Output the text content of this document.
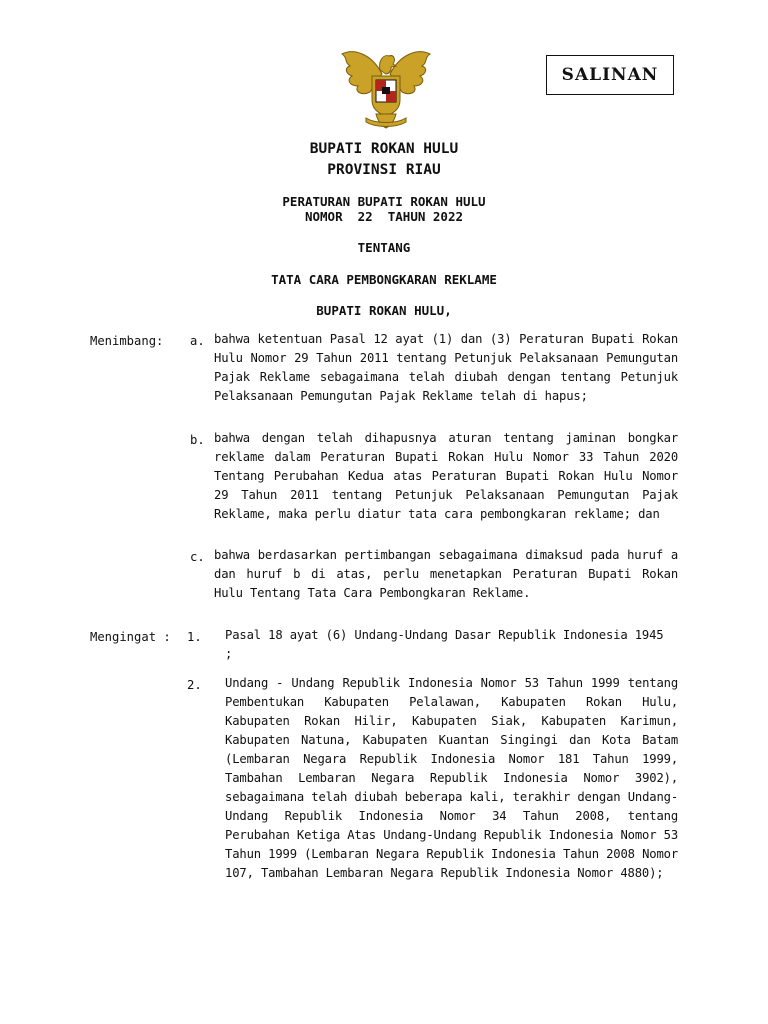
SALINAN
BUPATI ROKAN HULU
PROVINSI RIAU
PERATURAN BUPATI ROKAN HULU
NOMOR  22  TAHUN 2022
TENTANG
TATA CARA PEMBONGKARAN REKLAME
BUPATI ROKAN HULU,
Menimbang: a. bahwa ketentuan Pasal 12 ayat (1) dan (3) Peraturan Bupati Rokan Hulu Nomor 29 Tahun 2011 tentang Petunjuk Pelaksanaan Pemungutan Pajak Reklame sebagaimana telah diubah dengan tentang Petunjuk Pelaksanaan Pemungutan Pajak Reklame telah di hapus;
b. bahwa dengan telah dihapusnya aturan tentang jaminan bongkar reklame dalam Peraturan Bupati Rokan Hulu Nomor 33 Tahun 2020 Tentang Perubahan Kedua atas Peraturan Bupati Rokan Hulu Nomor 29 Tahun 2011 tentang Petunjuk Pelaksanaan Pemungutan Pajak Reklame, maka perlu diatur tata cara pembongkaran reklame; dan
c. bahwa berdasarkan pertimbangan sebagaimana dimaksud pada huruf a dan huruf b di atas, perlu menetapkan Peraturan Bupati Rokan Hulu Tentang Tata Cara Pembongkaran Reklame.
Mengingat : 1. Pasal 18 ayat (6) Undang-Undang Dasar Republik Indonesia 1945 ;
2. Undang - Undang Republik Indonesia Nomor 53 Tahun 1999 tentang Pembentukan Kabupaten Pelalawan, Kabupaten Rokan Hulu, Kabupaten Rokan Hilir, Kabupaten Siak, Kabupaten Karimun, Kabupaten Natuna, Kabupaten Kuantan Singingi dan Kota Batam (Lembaran Negara Republik Indonesia Nomor 181 Tahun 1999, Tambahan Lembaran Negara Republik Indonesia Nomor 3902), sebagaimana telah diubah beberapa kali, terakhir dengan Undang-Undang Republik Indonesia Nomor 34 Tahun 2008, tentang Perubahan Ketiga Atas Undang-Undang Republik Indonesia Nomor 53 Tahun 1999 (Lembaran Negara Republik Indonesia Tahun 2008 Nomor 107, Tambahan Lembaran Negara Republik Indonesia Nomor 4880);
